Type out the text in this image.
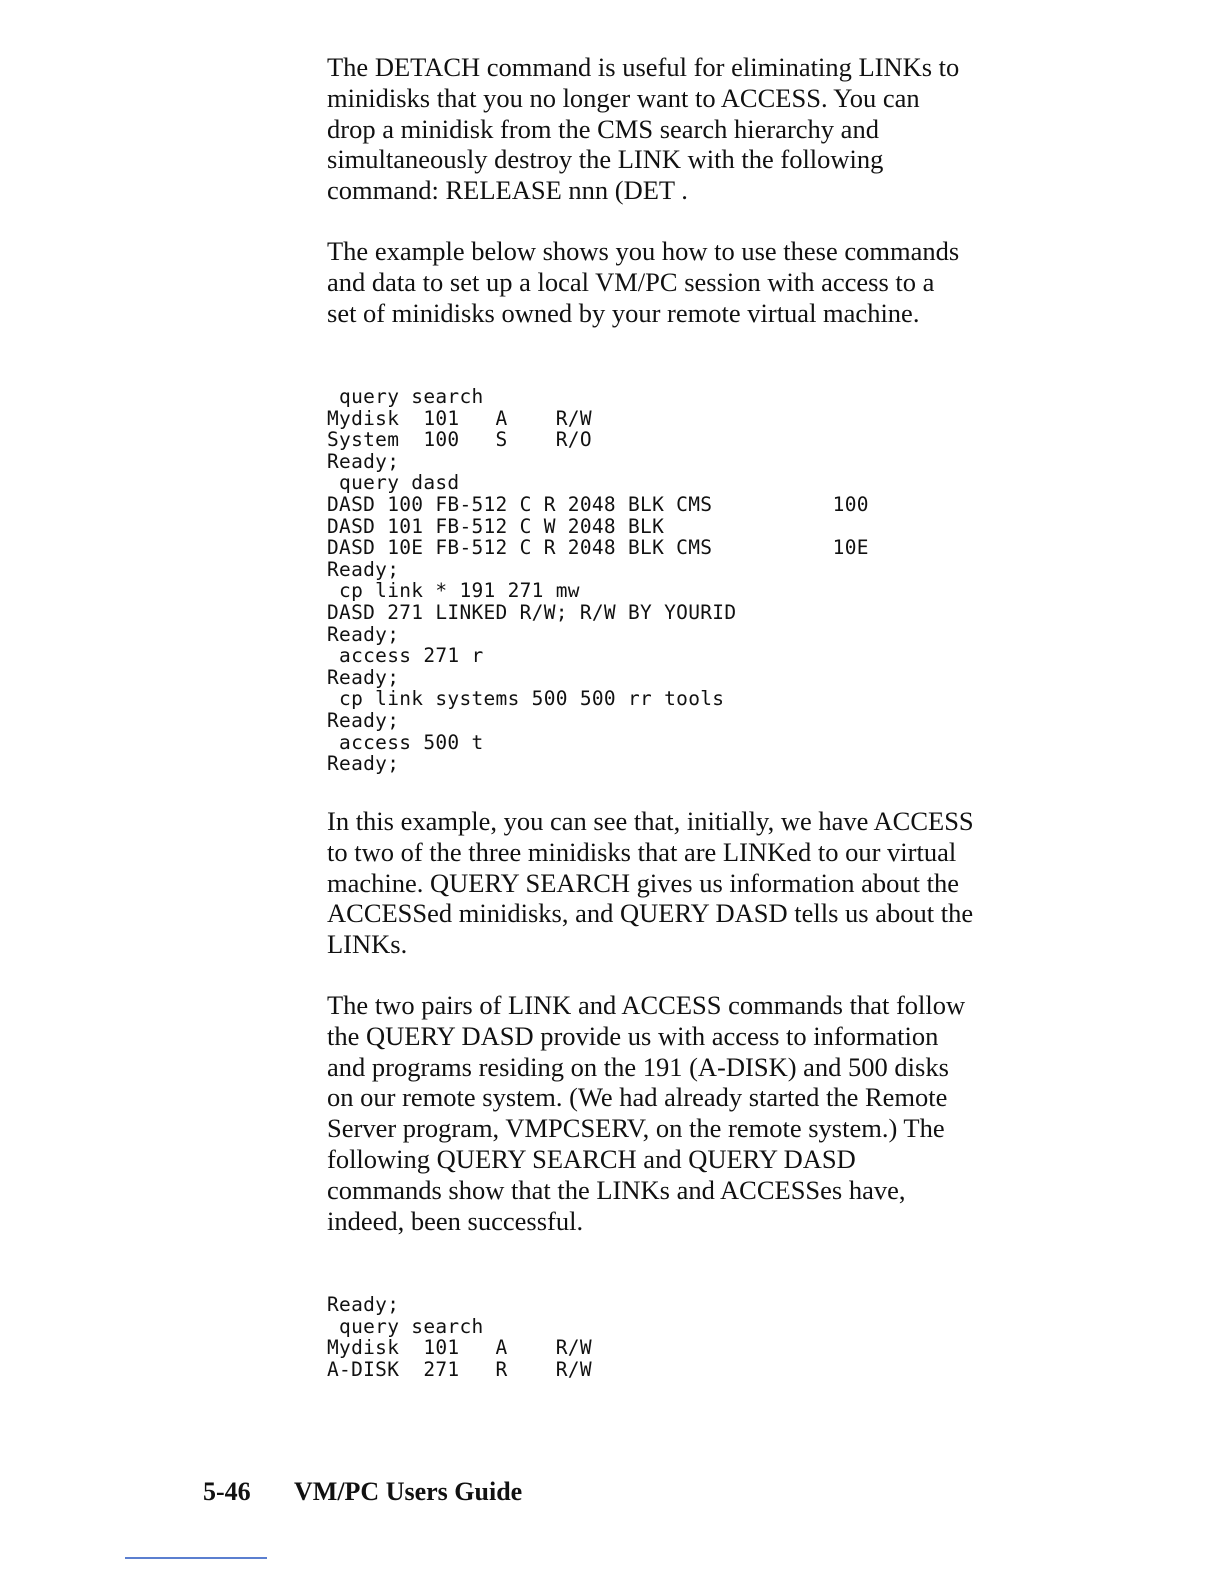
The DETACH command is useful for eliminating LINKs to
minidisks that you no longer want to ACCESS. You can
drop a minidisk from the CMS search hierarchy and
simultaneously destroy the LINK with the following
command: RELEASE nnn (DET .

The example below shows you how to use these commands
and data to set up a local VM/PC session with access to a
set of minidisks owned by your remote virtual machine.

query search
Mydisk  101   A    R/W
System  100   S    R/O
Ready;
query dasd
DASD 100 FB-512 C R 2048 BLK CMS          100
DASD 101 FB-512 C W 2048 BLK
DASD 10E FB-512 C R 2048 BLK CMS          10E
Ready;
cp link * 191 271 mw
DASD 271 LINKED R/W; R/W BY YOURID
Ready;
access 271 r
Ready;
cp link systems 500 500 rr tools
Ready;
access 500 t
Ready;

In this example, you can see that, initially, we have ACCESS
to two of the three minidisks that are LINKed to our virtual
machine. QUERY SEARCH gives us information about the
ACCESSed minidisks, and QUERY DASD tells us about the
LINKs.

The two pairs of LINK and ACCESS commands that follow
the QUERY DASD provide us with access to information
and programs residing on the 191 (A-DISK) and 500 disks
on our remote system. (We had already started the Remote
Server program, VMPCSERV, on the remote system.) The
following QUERY SEARCH and QUERY DASD
commands show that the LINKs and ACCESSes have,
indeed, been successful.

Ready;
query search
Mydisk  101   A    R/W
A-DISK  271   R    R/W
5-46 VM/PC Users Guide
